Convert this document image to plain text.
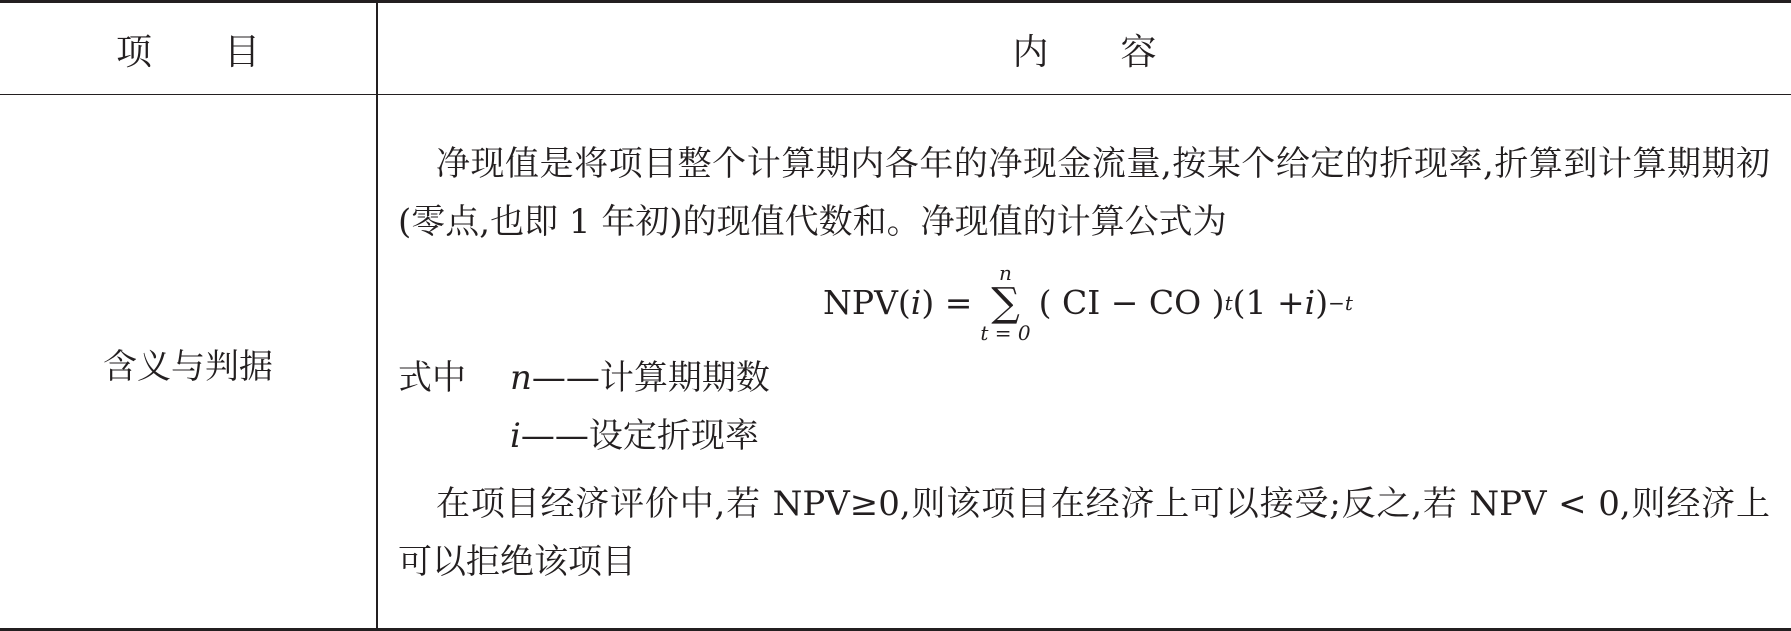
项　　目	内　　容
含义与判据

净现值是将项目整个计算期内各年的净现金流量,按某个给定的折现率,折算到计算期期初(零点,也即 1 年初)的现值代数和。净现值的计算公式为

NPV( i ) =
n
∑
t = 0
( CI − CO ) t (1 + i ) −t
式中 n——计算期期数
i——设定折现率

在项目经济评价中,若 NPV≥0,则该项目在经济上可以接受;反之,若 NPV < 0,则经济上可以拒绝该项目
